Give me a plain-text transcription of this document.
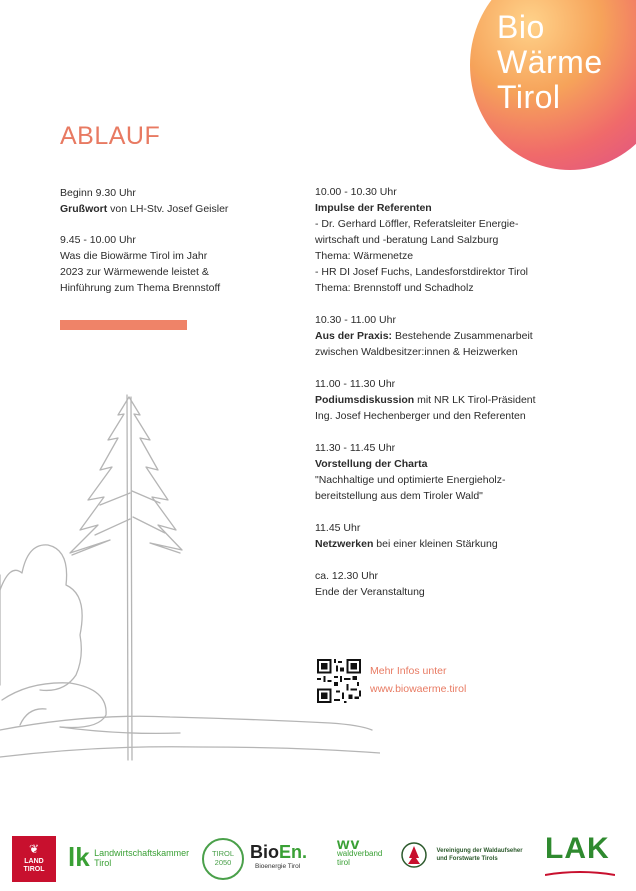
Bio
Wärme
Tirol
ABLAUF
Beginn 9.30 Uhr
Grußwort von LH-Stv. Josef Geisler
9.45 - 10.00 Uhr
Was die Biowärme Tirol im Jahr
2023 zur Wärmewende leistet &
Hinführung zum Thema Brennstoff
10.00 - 10.30 Uhr
Impulse der Referenten
- Dr. Gerhard Löffler, Referatsleiter Energie-
wirtschaft und -beratung Land Salzburg
Thema: Wärmenetze
- HR DI Josef Fuchs, Landesforstdirektor Tirol
Thema: Brennstoff und Schadholz
10.30 - 11.00 Uhr
Aus der Praxis: Bestehende Zusammenarbeit
zwischen Waldbesitzer:innen & Heizwerken
11.00 - 11.30 Uhr
Podiumsdiskussion mit NR LK Tirol-Präsident
Ing. Josef Hechenberger und den Referenten
11.30 - 11.45 Uhr
Vorstellung der Charta
"Nachhaltige und optimierte Energieholz-
bereitstellung aus dem Tiroler Wald"
11.45 Uhr
Netzwerken bei einer kleinen Stärkung
ca. 12.30 Uhr
Ende der Veranstaltung
Mehr Infos unter
www.biowaerme.tirol
❦
LAND
TIROL lk Landwirtschaftskammer
Tirol
TIROL
2050
BioEn.
Bioenergie Tirol
wv
waldverband
tirol
Vereinigung der Waldaufseher
und Forstwarte Tirols	LAK
